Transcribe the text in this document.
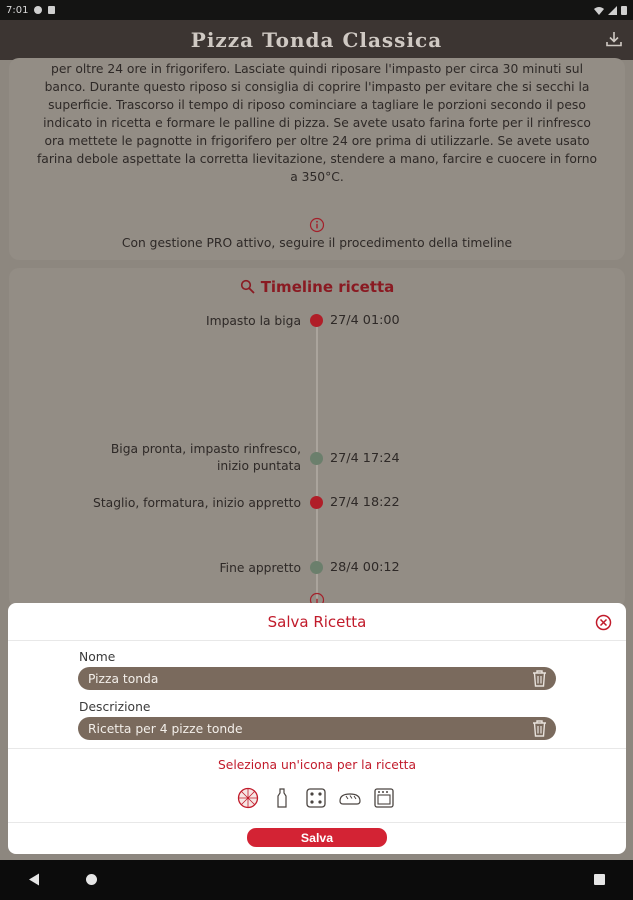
7:01
Pizza Tonda Classica
per oltre 24 ore in frigorifero. Lasciate quindi riposare l'impasto per circa 30 minuti sul banco. Durante questo riposo si consiglia di coprire l'impasto per evitare che si secchi la superficie. Trascorso il tempo di riposo cominciare a tagliare le porzioni secondo il peso indicato in ricetta e formare le palline di pizza. Se avete usato farina forte per il rinfresco ora mettete le pagnotte in frigorifero per oltre 24 ore prima di utilizzarle. Se avete usato farina debole aspettate la corretta lievitazione, stendere a mano, farcire e cuocere in forno a 350°C.
Con gestione PRO attivo, seguire il procedimento della timeline
Timeline ricetta
Impasto la biga 27/4 01:00
Biga pronta, impasto rinfresco, inizio puntata 27/4 17:24
Staglio, formatura, inizio appretto 27/4 18:22
Fine appretto 28/4 00:12
Salva Ricetta
Nome
Pizza tonda
Descrizione
Ricetta per 4 pizze tonde
Seleziona un'icona per la ricetta
Salva
